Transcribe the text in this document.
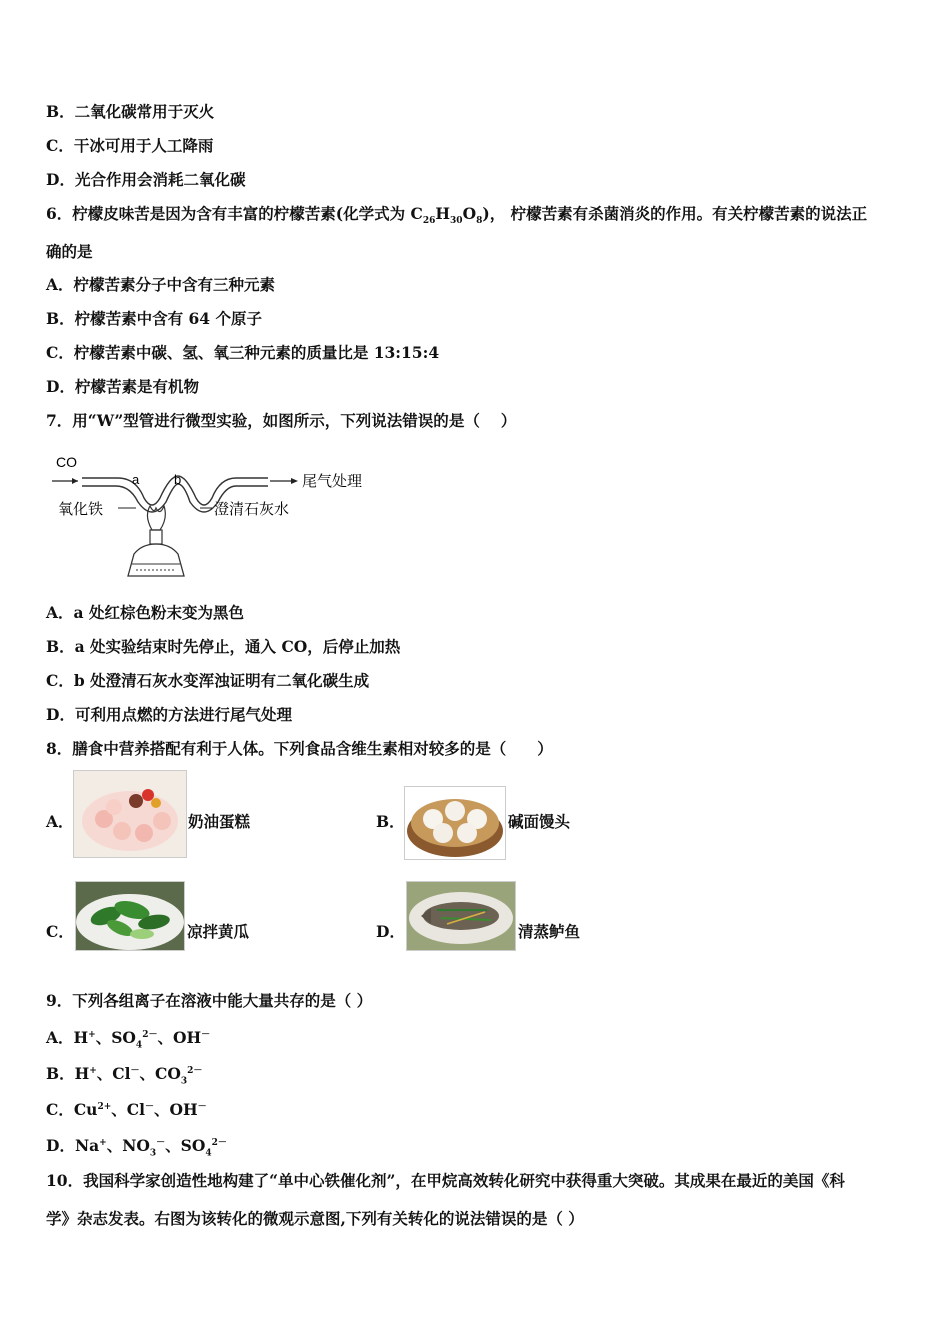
B．二氧化碳常用于灭火
C．干冰可用于人工降雨
D．光合作用会消耗二氧化碳
6．柠檬皮味苦是因为含有丰富的柠檬苦素(化学式为 $C_{26}H_{30}O_8$)， 柠檬苦素有杀菌消炎的作用。有关柠檬苦素的说法正
确的是
A．柠檬苦素分子中含有三种元素
B．柠檬苦素中含有 64 个原子
C．柠檬苦素中碳、氢、氧三种元素的质量比是 13:15:4
D．柠檬苦素是有机物
7．用“W”型管进行微型实验，如图所示，下列说法错误的是（　 ）
CO
a	b	尾气处理
氧化铁	澄清石灰水
A．a 处红棕色粉末变为黑色
B．a 处实验结束时先停止，通入 CO，后停止加热
C．b 处澄清石灰水变浑浊证明有二氧化碳生成
D．可利用点燃的方法进行尾气处理
8．膳食中营养搭配有利于人体。下列食品含维生素相对较多的是（　　）
A．	奶油蛋糕	B．	碱面馒头
C．	凉拌黄瓜	D．	清蒸鲈鱼
9．下列各组离子在溶液中能大量共存的是（ ）
A．H+、$SO_4^{2-}$、OH－
B．H+、Cl－、$CO_3^{2-}$
C．$Cu^{2+}$、Cl－、OH－
D．Na+、$NO_3^-$、$SO_4^{2-}$
10．我国科学家创造性地构建了“单中心铁催化剂”，在甲烷高效转化研究中获得重大突破。其成果在最近的美国《科
学》杂志发表。右图为该转化的微观示意图,下列有关转化的说法错误的是（ ）
